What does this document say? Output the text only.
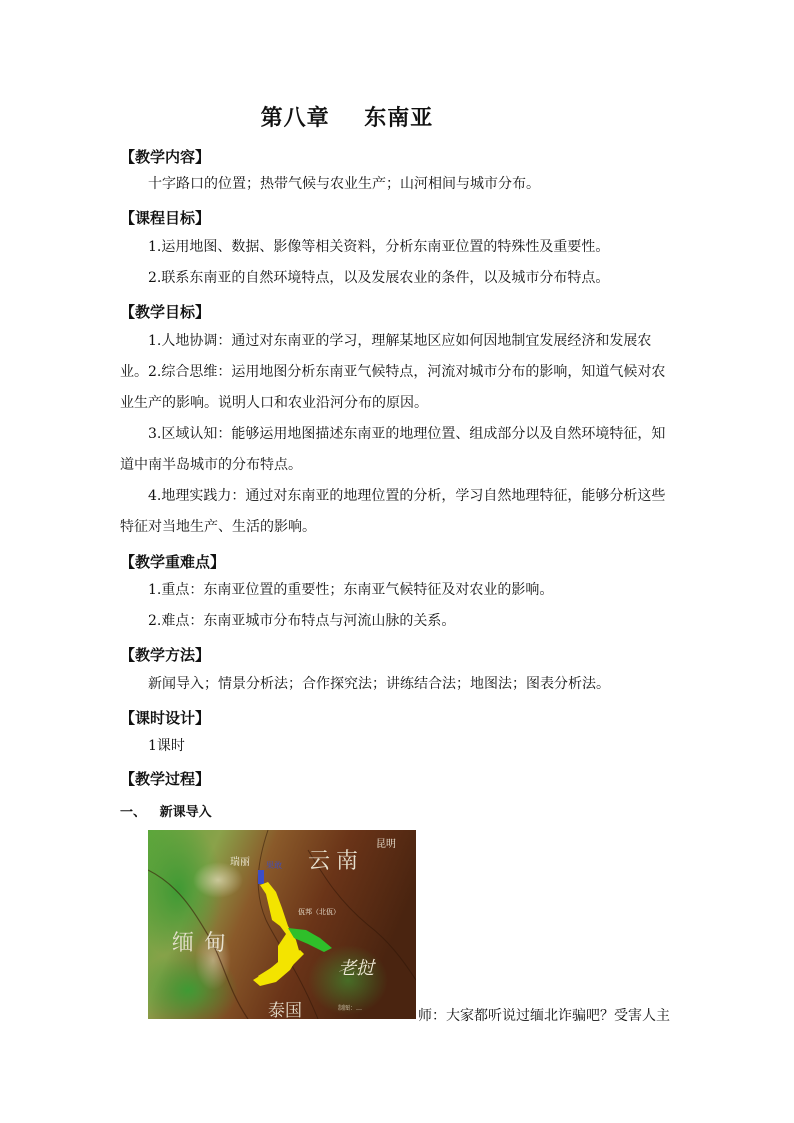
第八章    东南亚
【教学内容】

十字路口的位置；热带气候与农业生产；山河相间与城市分布。

【课程目标】

1.运用地图、数据、影像等相关资料，分析东南亚位置的特殊性及重要性。

2.联系东南亚的自然环境特点，以及发展农业的条件，以及城市分布特点。

【教学目标】

1.人地协调：通过对东南亚的学习，理解某地区应如何因地制宜发展经济和发展农业。 2.综合思维：运用地图分析东南亚气候特点，河流对城市分布的影响，知道气候对农业生产的影响。说明人口和农业沿河分布的原因。

3.区域认知：能够运用地图描述东南亚的地理位置、组成部分以及自然环境特征，知道中南半岛城市的分布特点。

4.地理实践力：通过对东南亚的地理位置的分析，学习自然地理特征，能够分析这些特征对当地生产、生活的影响。

【教学重难点】

1.重点：东南亚位置的重要性；东南亚气候特征及对农业的影响。

2.难点：东南亚城市分布特点与河流山脉的关系。

【教学方法】

新闻导入；情景分析法；合作探究法；讲练结合法；地图法；图表分析法。

【课时设计】

1课时

【教学过程】
一、   新课导入
昆明
云南
瑞丽 果敢
佤邦（北佤）
缅甸
老挝
泰国	制图：…	师：大家都听说过缅北诈骗吧？受害人主
